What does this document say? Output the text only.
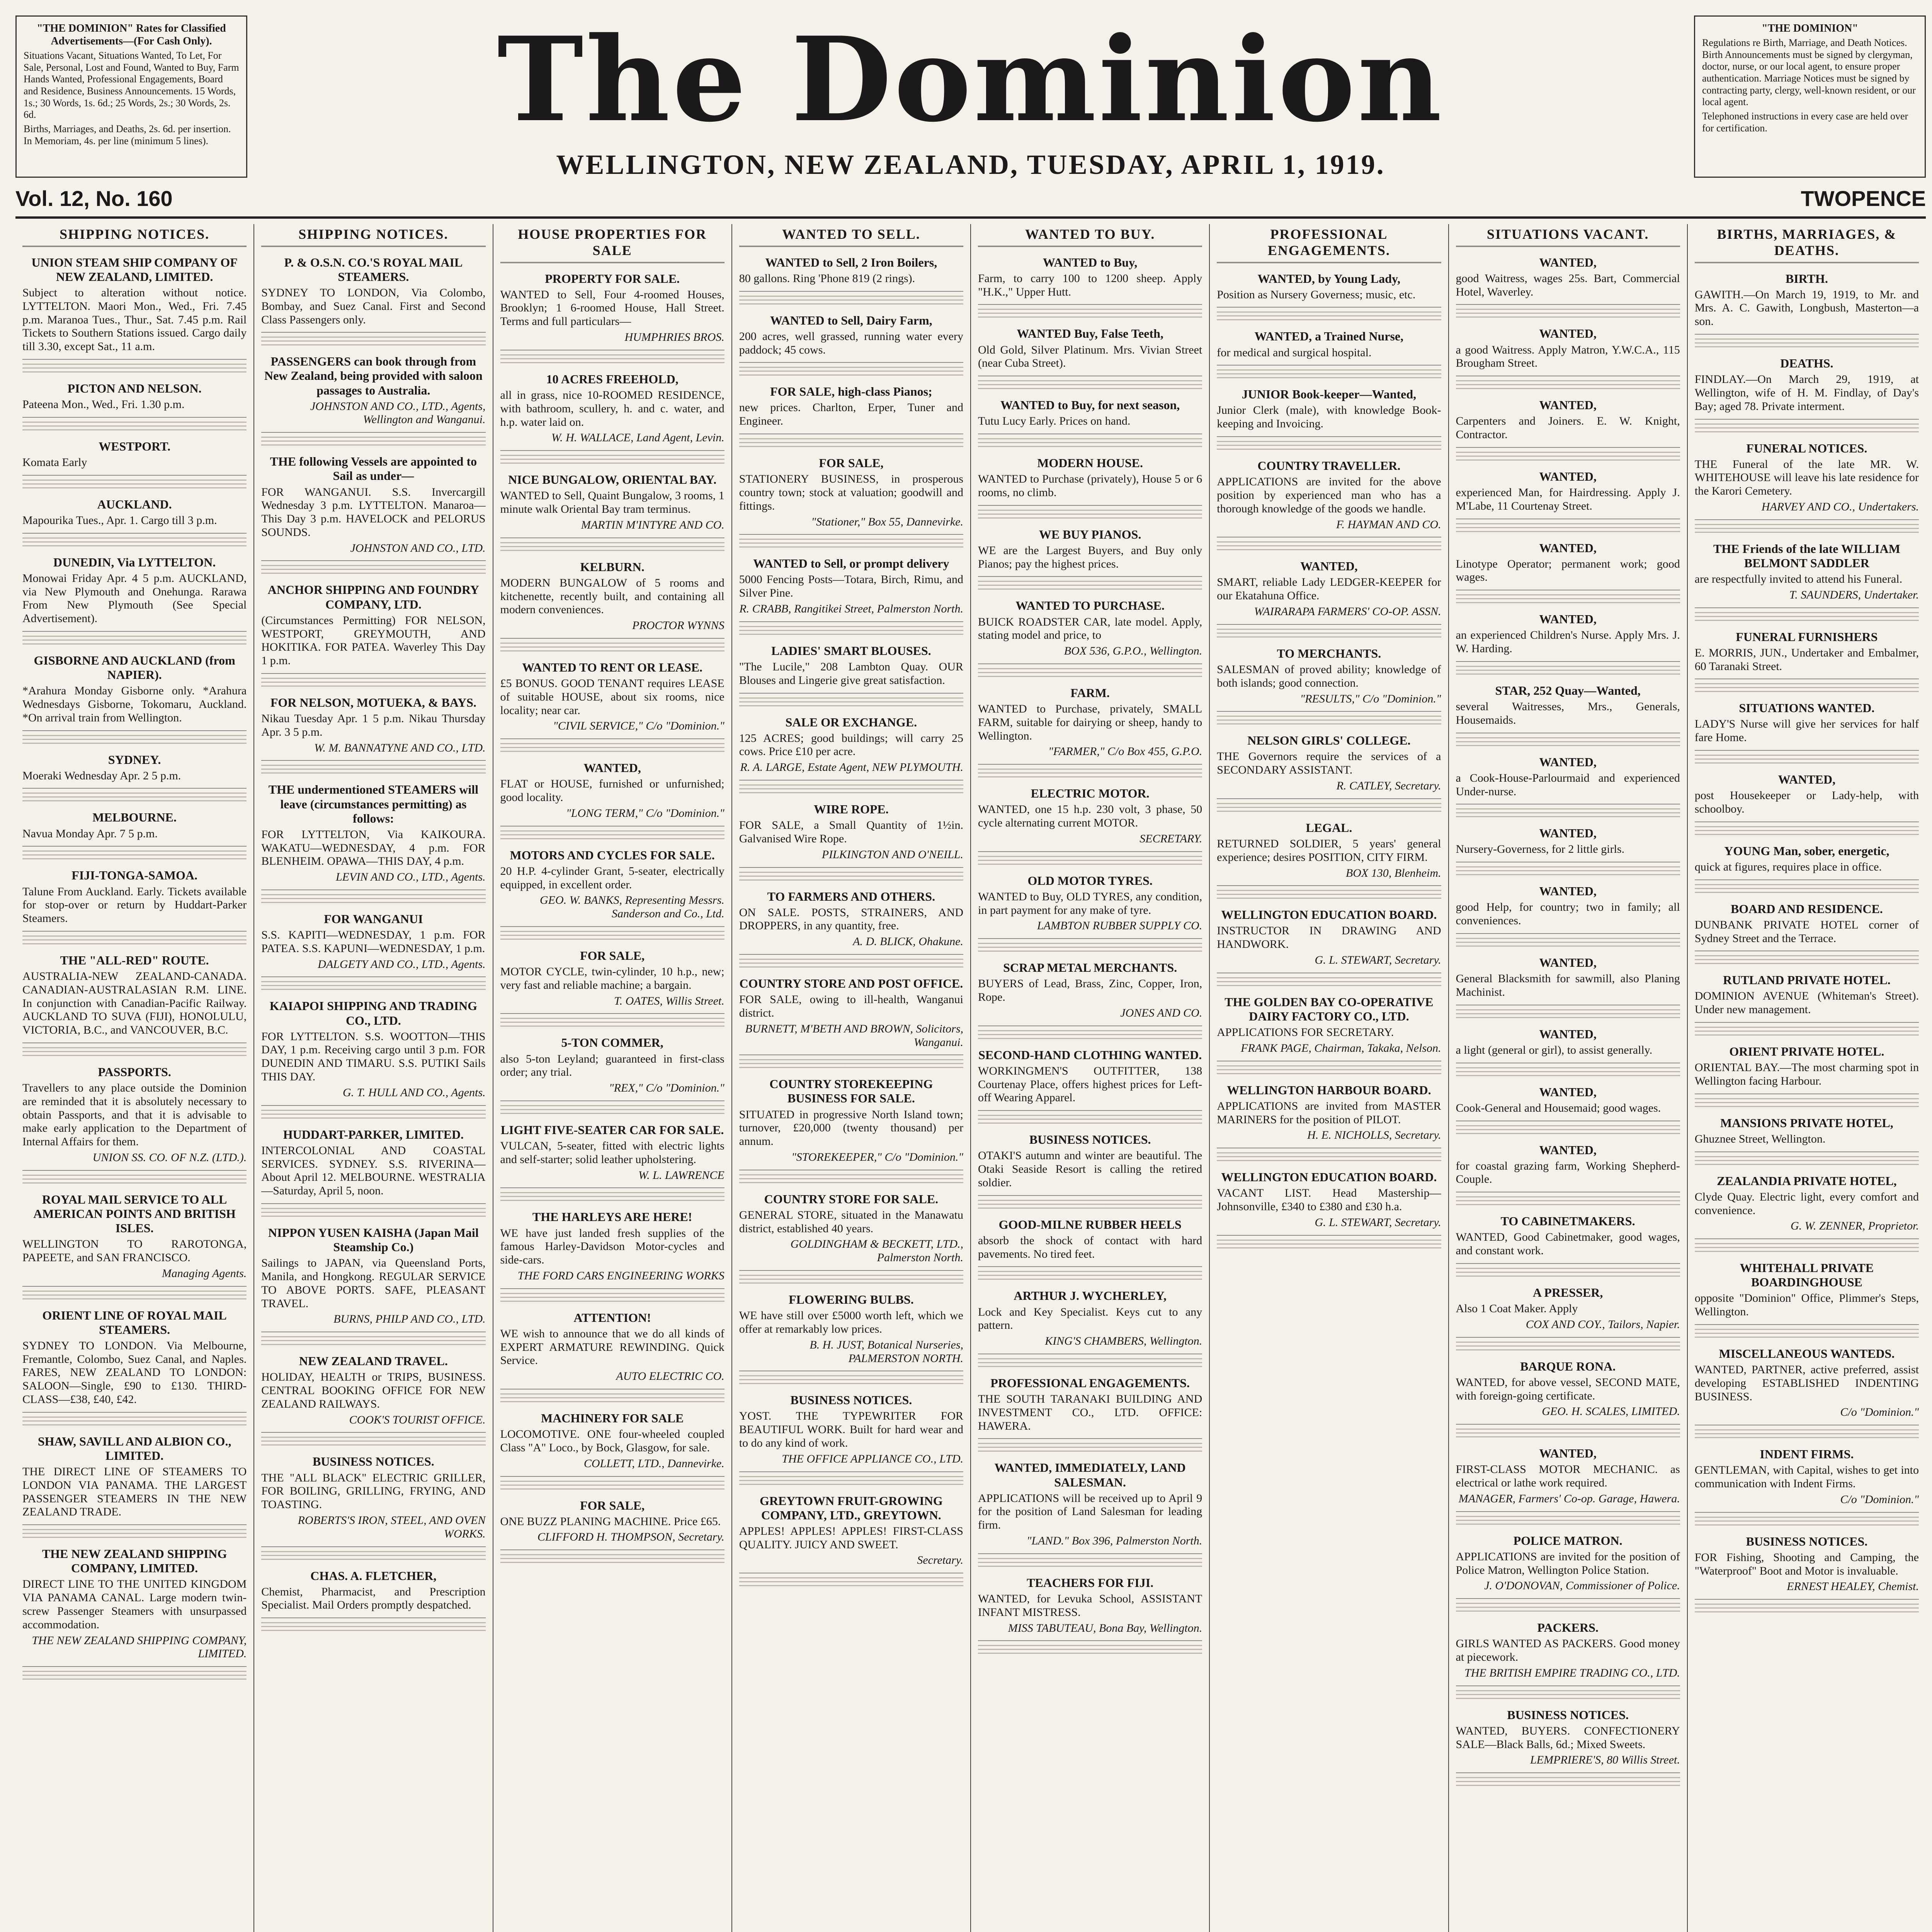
"THE DOMINION" Rates for Classified Advertisements—(For Cash Only).

Situations Vacant, Situations Wanted, To Let, For Sale, Personal, Lost and Found, Wanted to Buy, Farm Hands Wanted, Professional Engagements, Board and Residence, Business Announcements. 15 Words, 1s.; 30 Words, 1s. 6d.; 25 Words, 2s.; 30 Words, 2s. 6d.

Births, Marriages, and Deaths, 2s. 6d. per insertion. In Memoriam, 4s. per line (minimum 5 lines).	The Dominion
WELLINGTON, NEW ZEALAND, TUESDAY, APRIL 1, 1919.
"THE DOMINION"

Regulations re Birth, Marriage, and Death Notices. Birth Announcements must be signed by clergyman, doctor, nurse, or our local agent, to ensure proper authentication. Marriage Notices must be signed by contracting party, clergy, well-known resident, or our local agent.

Telephoned instructions in every case are held over for certification.

Vol. 12, No. 160	TWOPENCE
SHIPPING NOTICES.
UNION STEAM SHIP COMPANY OF NEW ZEALAND, LIMITED.
Subject to alteration without notice. LYTTELTON. Maori Mon., Wed., Fri. 7.45 p.m. Maranoa Tues., Thur., Sat. 7.45 p.m. Rail Tickets to Southern Stations issued. Cargo daily till 3.30, except Sat., 11 a.m.
PICTON AND NELSON.
Pateena Mon., Wed., Fri. 1.30 p.m.
WESTPORT.
Komata Early
AUCKLAND.
Mapourika Tues., Apr. 1. Cargo till 3 p.m.
DUNEDIN, Via LYTTELTON.
Monowai Friday Apr. 4 5 p.m. AUCKLAND, via New Plymouth and Onehunga. Rarawa From New Plymouth (See Special Advertisement).
GISBORNE AND AUCKLAND (from NAPIER).
*Arahura Monday Gisborne only. *Arahura Wednesdays Gisborne, Tokomaru, Auckland. *On arrival train from Wellington.
SYDNEY.
Moeraki Wednesday Apr. 2 5 p.m.
MELBOURNE.
Navua Monday Apr. 7 5 p.m.
FIJI-TONGA-SAMOA.
Talune From Auckland. Early. Tickets available for stop-over or return by Huddart-Parker Steamers.
THE "ALL-RED" ROUTE.
AUSTRALIA-NEW ZEALAND-CANADA. CANADIAN-AUSTRALASIAN R.M. LINE. In conjunction with Canadian-Pacific Railway. AUCKLAND TO SUVA (FIJI), HONOLULU, VICTORIA, B.C., and VANCOUVER, B.C.
PASSPORTS.
Travellers to any place outside the Dominion are reminded that it is absolutely necessary to obtain Passports, and that it is advisable to make early application to the Department of Internal Affairs for them.
UNION SS. CO. OF N.Z. (LTD.).
ROYAL MAIL SERVICE TO ALL AMERICAN POINTS AND BRITISH ISLES.
WELLINGTON TO RAROTONGA, PAPEETE, and SAN FRANCISCO.
Managing Agents.
ORIENT LINE OF ROYAL MAIL STEAMERS.
SYDNEY TO LONDON. Via Melbourne, Fremantle, Colombo, Suez Canal, and Naples. FARES, NEW ZEALAND TO LONDON: SALOON—Single, £90 to £130. THIRD-CLASS—£38, £40, £42.
SHAW, SAVILL AND ALBION CO., LIMITED.
THE DIRECT LINE OF STEAMERS TO LONDON VIA PANAMA. THE LARGEST PASSENGER STEAMERS IN THE NEW ZEALAND TRADE.
THE NEW ZEALAND SHIPPING COMPANY, LIMITED.
DIRECT LINE TO THE UNITED KINGDOM VIA PANAMA CANAL. Large modern twin-screw Passenger Steamers with unsurpassed accommodation.
THE NEW ZEALAND SHIPPING COMPANY, LIMITED.
SHIPPING NOTICES.
P. & O.S.N. CO.'S ROYAL MAIL STEAMERS.
SYDNEY TO LONDON, Via Colombo, Bombay, and Suez Canal. First and Second Class Passengers only.
PASSENGERS can book through from New Zealand, being provided with saloon passages to Australia.
JOHNSTON AND CO., LTD., Agents, Wellington and Wanganui.
THE following Vessels are appointed to Sail as under—
FOR WANGANUI. S.S. Invercargill Wednesday 3 p.m. LYTTELTON. Manaroa—This Day 3 p.m. HAVELOCK and PELORUS SOUNDS.
JOHNSTON AND CO., LTD.
ANCHOR SHIPPING AND FOUNDRY COMPANY, LTD.
(Circumstances Permitting) FOR NELSON, WESTPORT, GREYMOUTH, AND HOKITIKA. FOR PATEA. Waverley This Day 1 p.m.
FOR NELSON, MOTUEKA, & BAYS.
Nikau Tuesday Apr. 1 5 p.m. Nikau Thursday Apr. 3 5 p.m.
W. M. BANNATYNE AND CO., LTD.
THE undermentioned STEAMERS will leave (circumstances permitting) as follows:
FOR LYTTELTON, Via KAIKOURA. WAKATU—WEDNESDAY, 4 p.m. FOR BLENHEIM. OPAWA—THIS DAY, 4 p.m.
LEVIN AND CO., LTD., Agents.
FOR WANGANUI
S.S. KAPITI—WEDNESDAY, 1 p.m. FOR PATEA. S.S. KAPUNI—WEDNESDAY, 1 p.m.
DALGETY AND CO., LTD., Agents.
KAIAPOI SHIPPING AND TRADING CO., LTD.
FOR LYTTELTON. S.S. WOOTTON—THIS DAY, 1 p.m. Receiving cargo until 3 p.m. FOR DUNEDIN AND TIMARU. S.S. PUTIKI Sails THIS DAY.
G. T. HULL AND CO., Agents.
HUDDART-PARKER, LIMITED.
INTERCOLONIAL AND COASTAL SERVICES. SYDNEY. S.S. RIVERINA—About April 12. MELBOURNE. WESTRALIA—Saturday, April 5, noon.
NIPPON YUSEN KAISHA (Japan Mail Steamship Co.)
Sailings to JAPAN, via Queensland Ports, Manila, and Hongkong. REGULAR SERVICE TO ABOVE PORTS. SAFE, PLEASANT TRAVEL.
BURNS, PHILP AND CO., LTD.
NEW ZEALAND TRAVEL.
HOLIDAY, HEALTH or TRIPS, BUSINESS. CENTRAL BOOKING OFFICE FOR NEW ZEALAND RAILWAYS.
COOK'S TOURIST OFFICE.
BUSINESS NOTICES.
THE "ALL BLACK" ELECTRIC GRILLER, FOR BOILING, GRILLING, FRYING, AND TOASTING.
ROBERTS'S IRON, STEEL, AND OVEN WORKS.
CHAS. A. FLETCHER,
Chemist, Pharmacist, and Prescription Specialist. Mail Orders promptly despatched.
HOUSE PROPERTIES FOR SALE
PROPERTY FOR SALE.
WANTED to Sell, Four 4-roomed Houses, Brooklyn; 1 6-roomed House, Hall Street. Terms and full particulars—
HUMPHRIES BROS.
10 ACRES FREEHOLD,
all in grass, nice 10-ROOMED RESIDENCE, with bathroom, scullery, h. and c. water, and h.p. water laid on.
W. H. WALLACE, Land Agent, Levin.
NICE BUNGALOW, ORIENTAL BAY.
WANTED to Sell, Quaint Bungalow, 3 rooms, 1 minute walk Oriental Bay tram terminus.
MARTIN M'INTYRE AND CO.
KELBURN.
MODERN BUNGALOW of 5 rooms and kitchenette, recently built, and containing all modern conveniences.
PROCTOR WYNNS
WANTED TO RENT OR LEASE.
£5 BONUS. GOOD TENANT requires LEASE of suitable HOUSE, about six rooms, nice locality; near car.
"CIVIL SERVICE," C/o "Dominion."
WANTED,
FLAT or HOUSE, furnished or unfurnished; good locality.
"LONG TERM," C/o "Dominion."
MOTORS AND CYCLES FOR SALE.
20 H.P. 4-cylinder Grant, 5-seater, electrically equipped, in excellent order.
GEO. W. BANKS, Representing Messrs. Sanderson and Co., Ltd.
FOR SALE,
MOTOR CYCLE, twin-cylinder, 10 h.p., new; very fast and reliable machine; a bargain.
T. OATES, Willis Street.
5-TON COMMER,
also 5-ton Leyland; guaranteed in first-class order; any trial.
"REX," C/o "Dominion."
LIGHT FIVE-SEATER CAR FOR SALE.
VULCAN, 5-seater, fitted with electric lights and self-starter; solid leather upholstering.
W. L. LAWRENCE
THE HARLEYS ARE HERE!
WE have just landed fresh supplies of the famous Harley-Davidson Motor-cycles and side-cars.
THE FORD CARS ENGINEERING WORKS
ATTENTION!
WE wish to announce that we do all kinds of EXPERT ARMATURE REWINDING. Quick Service.
AUTO ELECTRIC CO.
MACHINERY FOR SALE
LOCOMOTIVE. ONE four-wheeled coupled Class "A" Loco., by Bock, Glasgow, for sale.
COLLETT, LTD., Dannevirke.
FOR SALE,
ONE BUZZ PLANING MACHINE. Price £65.
CLIFFORD H. THOMPSON, Secretary.
WANTED TO SELL.
WANTED to Sell, 2 Iron Boilers,
80 gallons. Ring 'Phone 819 (2 rings).
WANTED to Sell, Dairy Farm,
200 acres, well grassed, running water every paddock; 45 cows.
FOR SALE, high-class Pianos;
new prices. Charlton, Erper, Tuner and Engineer.
FOR SALE,
STATIONERY BUSINESS, in prosperous country town; stock at valuation; goodwill and fittings.
"Stationer," Box 55, Dannevirke.
WANTED to Sell, or prompt delivery
5000 Fencing Posts—Totara, Birch, Rimu, and Silver Pine.
R. CRABB, Rangitikei Street, Palmerston North.
LADIES' SMART BLOUSES.
"The Lucile," 208 Lambton Quay. OUR Blouses and Lingerie give great satisfaction.
SALE OR EXCHANGE.
125 ACRES; good buildings; will carry 25 cows. Price £10 per acre.
R. A. LARGE, Estate Agent, NEW PLYMOUTH.
WIRE ROPE.
FOR SALE, a Small Quantity of 1½in. Galvanised Wire Rope.
PILKINGTON AND O'NEILL.
TO FARMERS AND OTHERS.
ON SALE. POSTS, STRAINERS, AND DROPPERS, in any quantity, free.
A. D. BLICK, Ohakune.
COUNTRY STORE AND POST OFFICE.
FOR SALE, owing to ill-health, Wanganui district.
BURNETT, M'BETH AND BROWN, Solicitors, Wanganui.
COUNTRY STOREKEEPING BUSINESS FOR SALE.
SITUATED in progressive North Island town; turnover, £20,000 (twenty thousand) per annum.
"STOREKEEPER," C/o "Dominion."
COUNTRY STORE FOR SALE.
GENERAL STORE, situated in the Manawatu district, established 40 years.
GOLDINGHAM & BECKETT, LTD., Palmerston North.
FLOWERING BULBS.
WE have still over £5000 worth left, which we offer at remarkably low prices.
B. H. JUST, Botanical Nurseries, PALMERSTON NORTH.
BUSINESS NOTICES.
YOST. THE TYPEWRITER FOR BEAUTIFUL WORK. Built for hard wear and to do any kind of work.
THE OFFICE APPLIANCE CO., LTD.
GREYTOWN FRUIT-GROWING COMPANY, LTD., GREYTOWN.
APPLES! APPLES! APPLES! FIRST-CLASS QUALITY. JUICY AND SWEET.
Secretary.
WANTED TO BUY.
WANTED to Buy,
Farm, to carry 100 to 1200 sheep. Apply "H.K.," Upper Hutt.
WANTED Buy, False Teeth,
Old Gold, Silver Platinum. Mrs. Vivian Street (near Cuba Street).
WANTED to Buy, for next season,
Tutu Lucy Early. Prices on hand.
MODERN HOUSE.
WANTED to Purchase (privately), House 5 or 6 rooms, no climb.
WE BUY PIANOS.
WE are the Largest Buyers, and Buy only Pianos; pay the highest prices.
WANTED TO PURCHASE.
BUICK ROADSTER CAR, late model. Apply, stating model and price, to
BOX 536, G.P.O., Wellington.
FARM.
WANTED to Purchase, privately, SMALL FARM, suitable for dairying or sheep, handy to Wellington.
"FARMER," C/o Box 455, G.P.O.
ELECTRIC MOTOR.
WANTED, one 15 h.p. 230 volt, 3 phase, 50 cycle alternating current MOTOR.
SECRETARY.
OLD MOTOR TYRES.
WANTED to Buy, OLD TYRES, any condition, in part payment for any make of tyre.
LAMBTON RUBBER SUPPLY CO.
SCRAP METAL MERCHANTS.
BUYERS of Lead, Brass, Zinc, Copper, Iron, Rope.
JONES AND CO.
SECOND-HAND CLOTHING WANTED.
WORKINGMEN'S OUTFITTER, 138 Courtenay Place, offers highest prices for Left-off Wearing Apparel.
BUSINESS NOTICES.
OTAKI'S autumn and winter are beautiful. The Otaki Seaside Resort is calling the retired soldier.
GOOD-MILNE RUBBER HEELS
absorb the shock of contact with hard pavements. No tired feet.
ARTHUR J. WYCHERLEY,
Lock and Key Specialist. Keys cut to any pattern.
KING'S CHAMBERS, Wellington.
PROFESSIONAL ENGAGEMENTS.
THE SOUTH TARANAKI BUILDING AND INVESTMENT CO., LTD. OFFICE: HAWERA.
WANTED, IMMEDIATELY, LAND SALESMAN.
APPLICATIONS will be received up to April 9 for the position of Land Salesman for leading firm.
"LAND." Box 396, Palmerston North.
TEACHERS FOR FIJI.
WANTED, for Levuka School, ASSISTANT INFANT MISTRESS.
MISS TABUTEAU, Bona Bay, Wellington.
PROFESSIONAL ENGAGEMENTS.
WANTED, by Young Lady,
Position as Nursery Governess; music, etc.
WANTED, a Trained Nurse,
for medical and surgical hospital.
JUNIOR Book-keeper—Wanted,
Junior Clerk (male), with knowledge Book-keeping and Invoicing.
COUNTRY TRAVELLER.
APPLICATIONS are invited for the above position by experienced man who has a thorough knowledge of the goods we handle.
F. HAYMAN AND CO.
WANTED,
SMART, reliable Lady LEDGER-KEEPER for our Ekatahuna Office.
WAIRARAPA FARMERS' CO-OP. ASSN.
TO MERCHANTS.
SALESMAN of proved ability; knowledge of both islands; good connection.
"RESULTS," C/o "Dominion."
NELSON GIRLS' COLLEGE.
THE Governors require the services of a SECONDARY ASSISTANT.
R. CATLEY, Secretary.
LEGAL.
RETURNED SOLDIER, 5 years' general experience; desires POSITION, CITY FIRM.
BOX 130, Blenheim.
WELLINGTON EDUCATION BOARD.
INSTRUCTOR IN DRAWING AND HANDWORK.
G. L. STEWART, Secretary.
THE GOLDEN BAY CO-OPERATIVE DAIRY FACTORY CO., LTD.
APPLICATIONS FOR SECRETARY.
FRANK PAGE, Chairman, Takaka, Nelson.
WELLINGTON HARBOUR BOARD.
APPLICATIONS are invited from MASTER MARINERS for the position of PILOT.
H. E. NICHOLLS, Secretary.
WELLINGTON EDUCATION BOARD.
VACANT LIST. Head Mastership—Johnsonville, £340 to £380 and £30 h.a.
G. L. STEWART, Secretary.
SITUATIONS VACANT.
WANTED,
good Waitress, wages 25s. Bart, Commercial Hotel, Waverley.
WANTED,
a good Waitress. Apply Matron, Y.W.C.A., 115 Brougham Street.
WANTED,
Carpenters and Joiners. E. W. Knight, Contractor.
WANTED,
experienced Man, for Hairdressing. Apply J. M'Labe, 11 Courtenay Street.
WANTED,
Linotype Operator; permanent work; good wages.
WANTED,
an experienced Children's Nurse. Apply Mrs. J. W. Harding.
STAR, 252 Quay—Wanted,
several Waitresses, Mrs., Generals, Housemaids.
WANTED,
a Cook-House-Parlourmaid and experienced Under-nurse.
WANTED,
Nursery-Governess, for 2 little girls.
WANTED,
good Help, for country; two in family; all conveniences.
WANTED,
General Blacksmith for sawmill, also Planing Machinist.
WANTED,
a light (general or girl), to assist generally.
WANTED,
Cook-General and Housemaid; good wages.
WANTED,
for coastal grazing farm, Working Shepherd-Couple.
TO CABINETMAKERS.
WANTED, Good Cabinetmaker, good wages, and constant work.
A PRESSER,
Also 1 Coat Maker. Apply
COX AND COY., Tailors, Napier.
BARQUE RONA.
WANTED, for above vessel, SECOND MATE, with foreign-going certificate.
GEO. H. SCALES, LIMITED.
WANTED,
FIRST-CLASS MOTOR MECHANIC. as electrical or lathe work required.
MANAGER, Farmers' Co-op. Garage, Hawera.
POLICE MATRON.
APPLICATIONS are invited for the position of Police Matron, Wellington Police Station.
J. O'DONOVAN, Commissioner of Police.
PACKERS.
GIRLS WANTED AS PACKERS. Good money at piecework.
THE BRITISH EMPIRE TRADING CO., LTD.
BUSINESS NOTICES.
WANTED, BUYERS. CONFECTIONERY SALE—Black Balls, 6d.; Mixed Sweets.
LEMPRIERE'S, 80 Willis Street.
BIRTHS, MARRIAGES, & DEATHS.
BIRTH.
GAWITH.—On March 19, 1919, to Mr. and Mrs. A. C. Gawith, Longbush, Masterton—a son.
DEATHS.
FINDLAY.—On March 29, 1919, at Wellington, wife of H. M. Findlay, of Day's Bay; aged 78. Private interment.
FUNERAL NOTICES.
THE Funeral of the late MR. W. WHITEHOUSE will leave his late residence for the Karori Cemetery.
HARVEY AND CO., Undertakers.
THE Friends of the late WILLIAM BELMONT SADDLER
are respectfully invited to attend his Funeral.
T. SAUNDERS, Undertaker.
FUNERAL FURNISHERS
E. MORRIS, JUN., Undertaker and Embalmer, 60 Taranaki Street.
SITUATIONS WANTED.
LADY'S Nurse will give her services for half fare Home.
WANTED,
post Housekeeper or Lady-help, with schoolboy.
YOUNG Man, sober, energetic,
quick at figures, requires place in office.
BOARD AND RESIDENCE.
DUNBANK PRIVATE HOTEL corner of Sydney Street and the Terrace.
RUTLAND PRIVATE HOTEL.
DOMINION AVENUE (Whiteman's Street). Under new management.
ORIENT PRIVATE HOTEL.
ORIENTAL BAY.—The most charming spot in Wellington facing Harbour.
MANSIONS PRIVATE HOTEL,
Ghuznee Street, Wellington.
ZEALANDIA PRIVATE HOTEL,
Clyde Quay. Electric light, every comfort and convenience.
G. W. ZENNER, Proprietor.
WHITEHALL PRIVATE BOARDINGHOUSE
opposite "Dominion" Office, Plimmer's Steps, Wellington.
MISCELLANEOUS WANTEDS.
WANTED, PARTNER, active preferred, assist developing ESTABLISHED INDENTING BUSINESS.
C/o "Dominion."
INDENT FIRMS.
GENTLEMAN, with Capital, wishes to get into communication with Indent Firms.
C/o "Dominion."
BUSINESS NOTICES.
FOR Fishing, Shooting and Camping, the "Waterproof" Boot and Motor is invaluable.
ERNEST HEALEY, Chemist.
